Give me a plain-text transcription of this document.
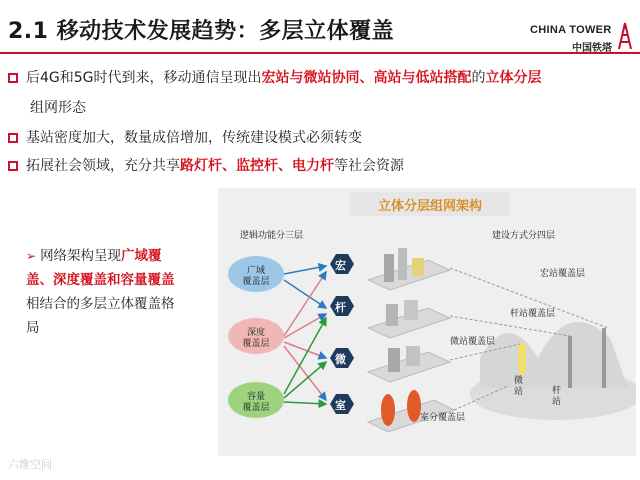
2.1 移动技术发展趋势：多层立体覆盖	CHINA TOWER
中国铁塔
后4G和5G时代到来，移动通信呈现出宏站与微站协同、高站与低站搭配的立体分层
组网形态
基站密度加大，数量成倍增加，传统建设模式必须转变
拓展社会领域，充分共享路灯杆、监控杆、电力杆等社会资源
➢ 网络架构呈现广域覆盖、深度覆盖和容量覆盖相结合的多层立体覆盖格局
立体分层组网架构
逻辑功能分三层	建设方式分四层
广域
覆盖层
深度
覆盖层
容量
覆盖层
宏
杆
微
室
宏站覆盖层
杆站覆盖层
微站覆盖层
室分覆盖层
微
站	杆
站
六维空间
